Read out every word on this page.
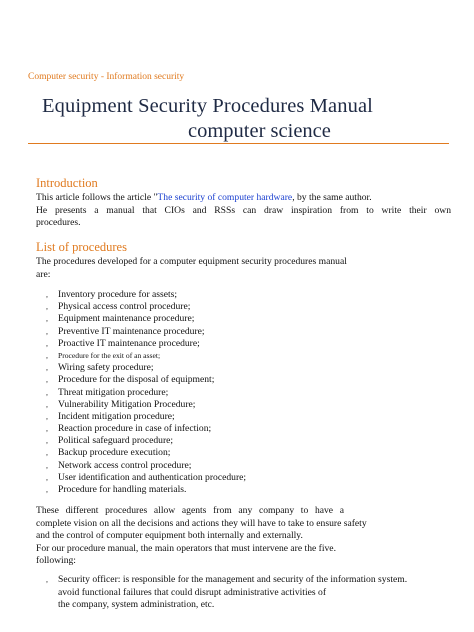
Computer security - Information security
Equipment Security Procedures Manual
computer science
Introduction
This article follows the article "The security of computer hardware, by the same author.
He presents a manual that CIOs and RSSs can draw inspiration from to write their own
procedures.
List of procedures
The procedures developed for a computer equipment security procedures manual
are:
, Inventory procedure for assets;
, Physical access control procedure;
, Equipment maintenance procedure;
, Preventive IT maintenance procedure;
, Proactive IT maintenance procedure;
, Procedure for the exit of an asset;
, Wiring safety procedure;
, Procedure for the disposal of equipment;
, Threat mitigation procedure;
, Vulnerability Mitigation Procedure;
, Incident mitigation procedure;
, Reaction procedure in case of infection;
, Political safeguard procedure;
, Backup procedure execution;
, Network access control procedure;
, User identification and authentication procedure;
, Procedure for handling materials.
These different procedures allow agents from any company to have a
complete vision on all the decisions and actions they will have to take to ensure safety
and the control of computer equipment both internally and externally.
For our procedure manual, the main operators that must intervene are the five.
following:
, Security officer: is responsible for the management and security of the information system.
avoid functional failures that could disrupt administrative activities of
the company, system administration, etc.
